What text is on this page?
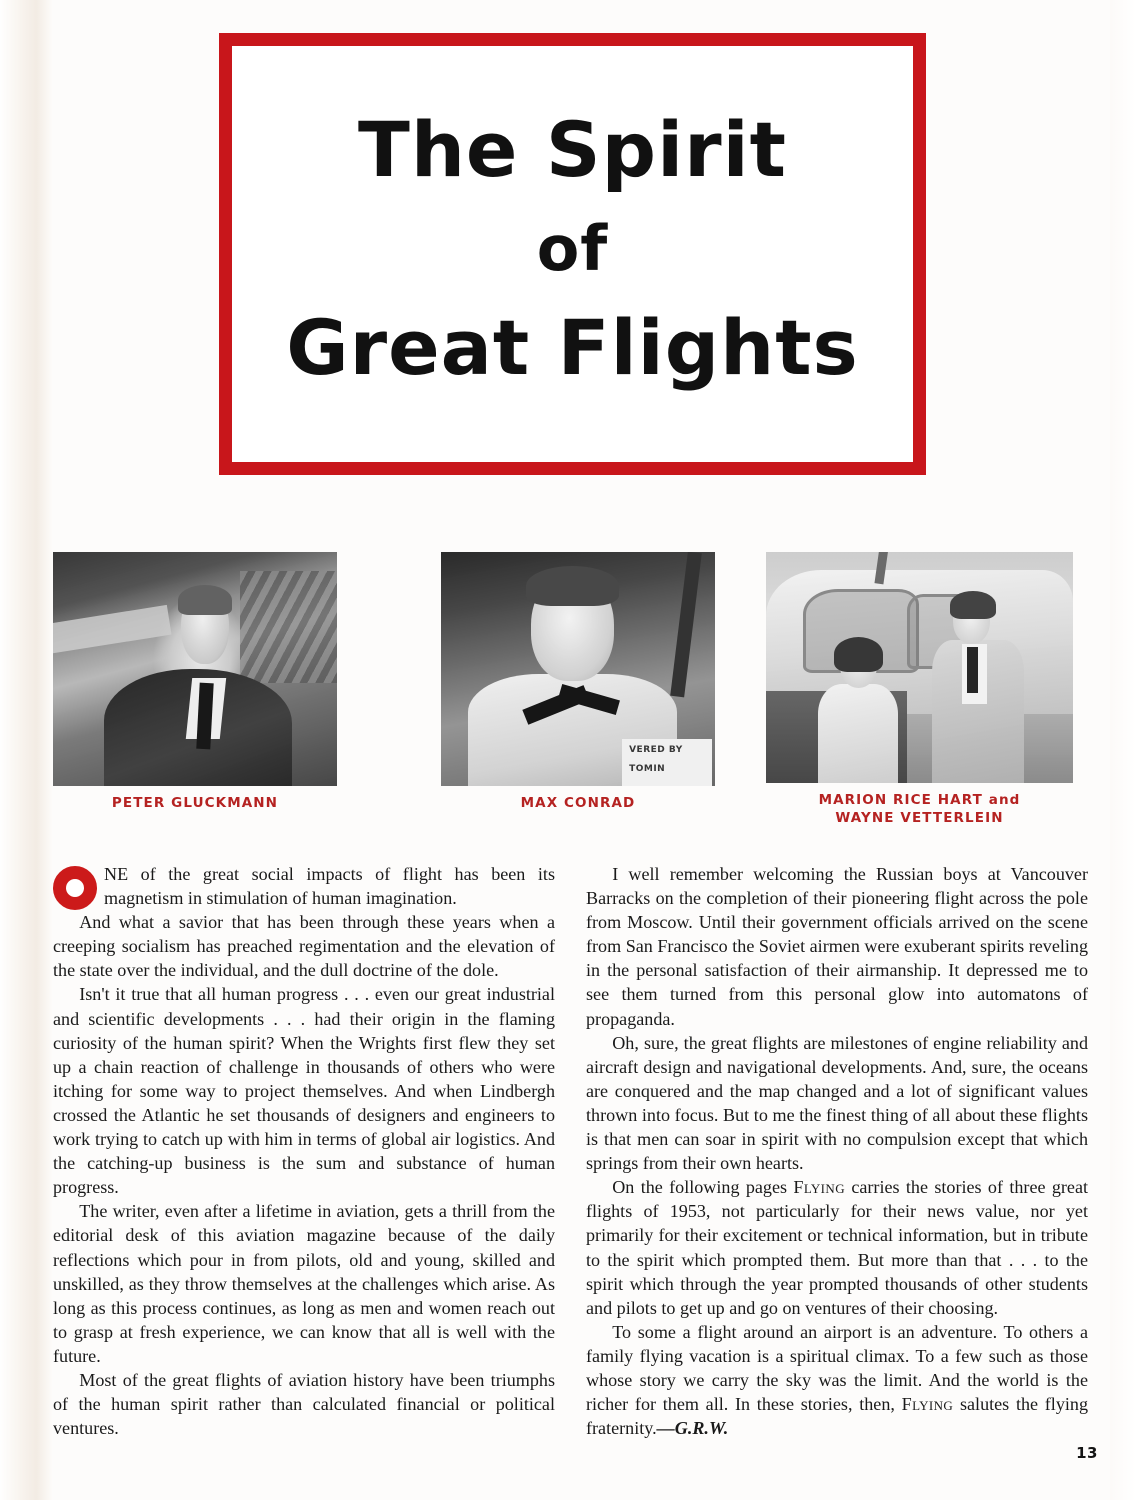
The Spirit
of
Great Flights
PETER GLUCKMANN
VERED BY
TOMIN
MAX CONRAD	MARION RICE HART and
WAYNE VETTERLEIN

NE of the great social impacts of flight has been its magnetism in stimulation of human imagination.

And what a savior that has been through these years when a creeping socialism has preached regimentation and the elevation of the state over the individual, and the dull doctrine of the dole.

Isn't it true that all human progress . . . even our great industrial and scientific developments . . . had their origin in the flaming curiosity of the human spirit? When the Wrights first flew they set up a chain reaction of challenge in thousands of others who were itching for some way to project themselves. And when Lindbergh crossed the Atlantic he set thousands of designers and engineers to work trying to catch up with him in terms of global air logistics. And the catching-up business is the sum and substance of human progress.

The writer, even after a lifetime in aviation, gets a thrill from the editorial desk of this aviation magazine because of the daily reflections which pour in from pilots, old and young, skilled and unskilled, as they throw themselves at the challenges which arise. As long as this process continues, as long as men and women reach out to grasp at fresh experience, we can know that all is well with the future.

Most of the great flights of aviation history have been triumphs of the human spirit rather than calculated financial or political ventures.

I well remember welcoming the Russian boys at Vancouver Barracks on the completion of their pioneering flight across the pole from Moscow. Until their government officials arrived on the scene from San Francisco the Soviet airmen were exuberant spirits reveling in the personal satisfaction of their airmanship. It depressed me to see them turned from this personal glow into automatons of propaganda.

Oh, sure, the great flights are milestones of engine reliability and aircraft design and navigational developments. And, sure, the oceans are conquered and the map changed and a lot of significant values thrown into focus. But to me the finest thing of all about these flights is that men can soar in spirit with no compulsion except that which springs from their own hearts.

On the following pages Flying carries the stories of three great flights of 1953, not particularly for their news value, nor yet primarily for their excitement or technical information, but in tribute to the spirit which prompted them. But more than that . . . to the spirit which through the year prompted thousands of other students and pilots to get up and go on ventures of their choosing.

To some a flight around an airport is an adventure. To others a family flying vacation is a spiritual climax. To a few such as those whose story we carry the sky was the limit. And the world is the richer for them all. In these stories, then, Flying salutes the flying fraternity.—G.R.W.

13
